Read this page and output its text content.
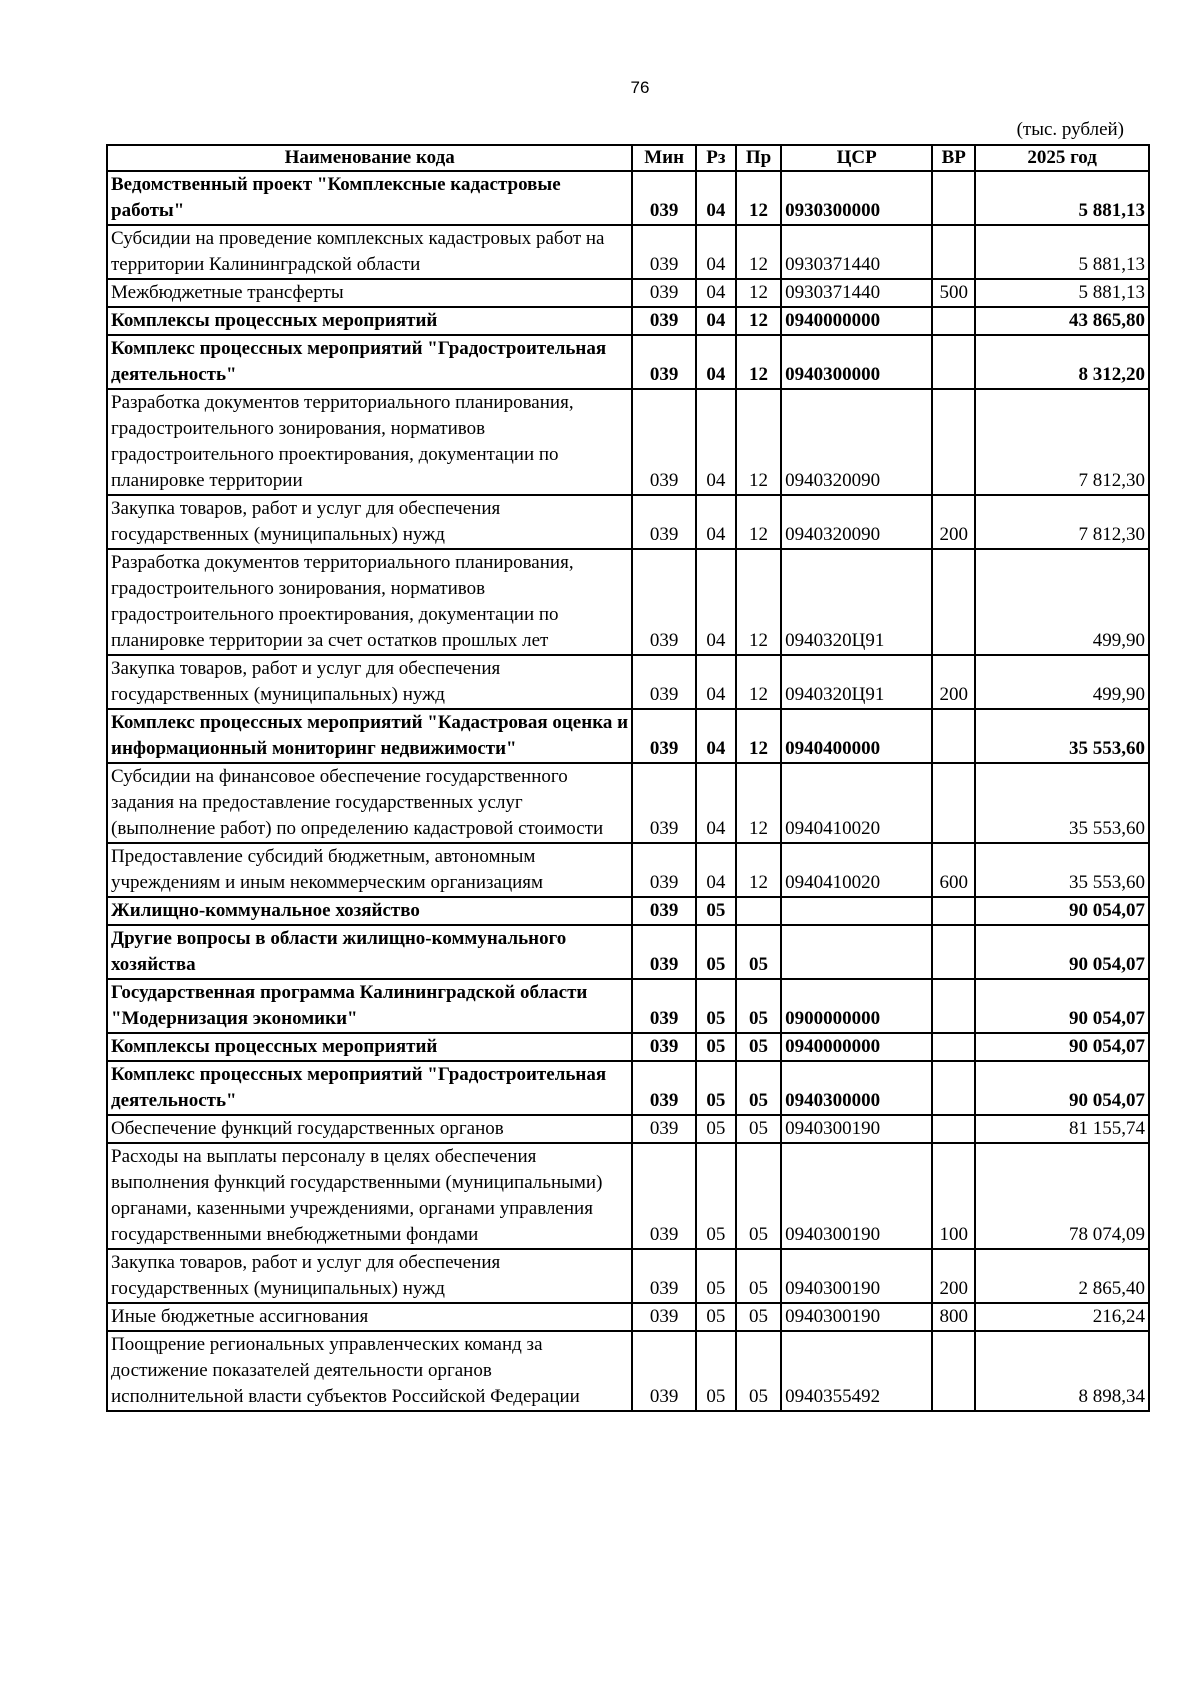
76
(тыс. рублей)
Наименование кода	Мин	Рз	Пр	ЦСР	ВР	2025 год
Ведомственный проект "Комплексные кадастровые работы"	039	04	12	0930300000		5 881,13
Субсидии на проведение комплексных кадастровых работ на территории Калининградской области	039	04	12	0930371440		5 881,13
Межбюджетные трансферты	039	04	12	0930371440	500	5 881,13
Комплексы процессных мероприятий	039	04	12	0940000000		43 865,80
Комплекс процессных мероприятий "Градостроительная деятельность"	039	04	12	0940300000		8 312,20
Разработка документов территориального планирования, градостроительного зонирования, нормативов градостроительного проектирования, документации по планировке территории	039	04	12	0940320090		7 812,30
Закупка товаров, работ и услуг для обеспечения государственных (муниципальных) нужд	039	04	12	0940320090	200	7 812,30
Разработка документов территориального планирования, градостроительного зонирования, нормативов градостроительного проектирования, документации по планировке территории за счет остатков прошлых лет	039	04	12	0940320Ц91		499,90
Закупка товаров, работ и услуг для обеспечения государственных (муниципальных) нужд	039	04	12	0940320Ц91	200	499,90
Комплекс процессных мероприятий "Кадастровая оценка и информационный мониторинг недвижимости"	039	04	12	0940400000		35 553,60
Субсидии на финансовое обеспечение государственного задания на предоставление государственных услуг (выполнение работ) по определению кадастровой стоимости	039	04	12	0940410020		35 553,60
Предоставление субсидий бюджетным, автономным учреждениям и иным некоммерческим организациям	039	04	12	0940410020	600	35 553,60
Жилищно-коммунальное хозяйство	039	05				90 054,07
Другие вопросы в области жилищно-коммунального хозяйства	039	05	05			90 054,07
Государственная программа Калининградской области "Модернизация экономики"	039	05	05	0900000000		90 054,07
Комплексы процессных мероприятий	039	05	05	0940000000		90 054,07
Комплекс процессных мероприятий "Градостроительная деятельность"	039	05	05	0940300000		90 054,07
Обеспечение функций государственных органов	039	05	05	0940300190		81 155,74
Расходы на выплаты персоналу в целях обеспечения выполнения функций государственными (муниципальными) органами, казенными учреждениями, органами управления государственными внебюджетными фондами	039	05	05	0940300190	100	78 074,09
Закупка товаров, работ и услуг для обеспечения государственных (муниципальных) нужд	039	05	05	0940300190	200	2 865,40
Иные бюджетные ассигнования	039	05	05	0940300190	800	216,24
Поощрение региональных управленческих команд за достижение показателей деятельности органов исполнительной власти субъектов Российской Федерации	039	05	05	0940355492		8 898,34
